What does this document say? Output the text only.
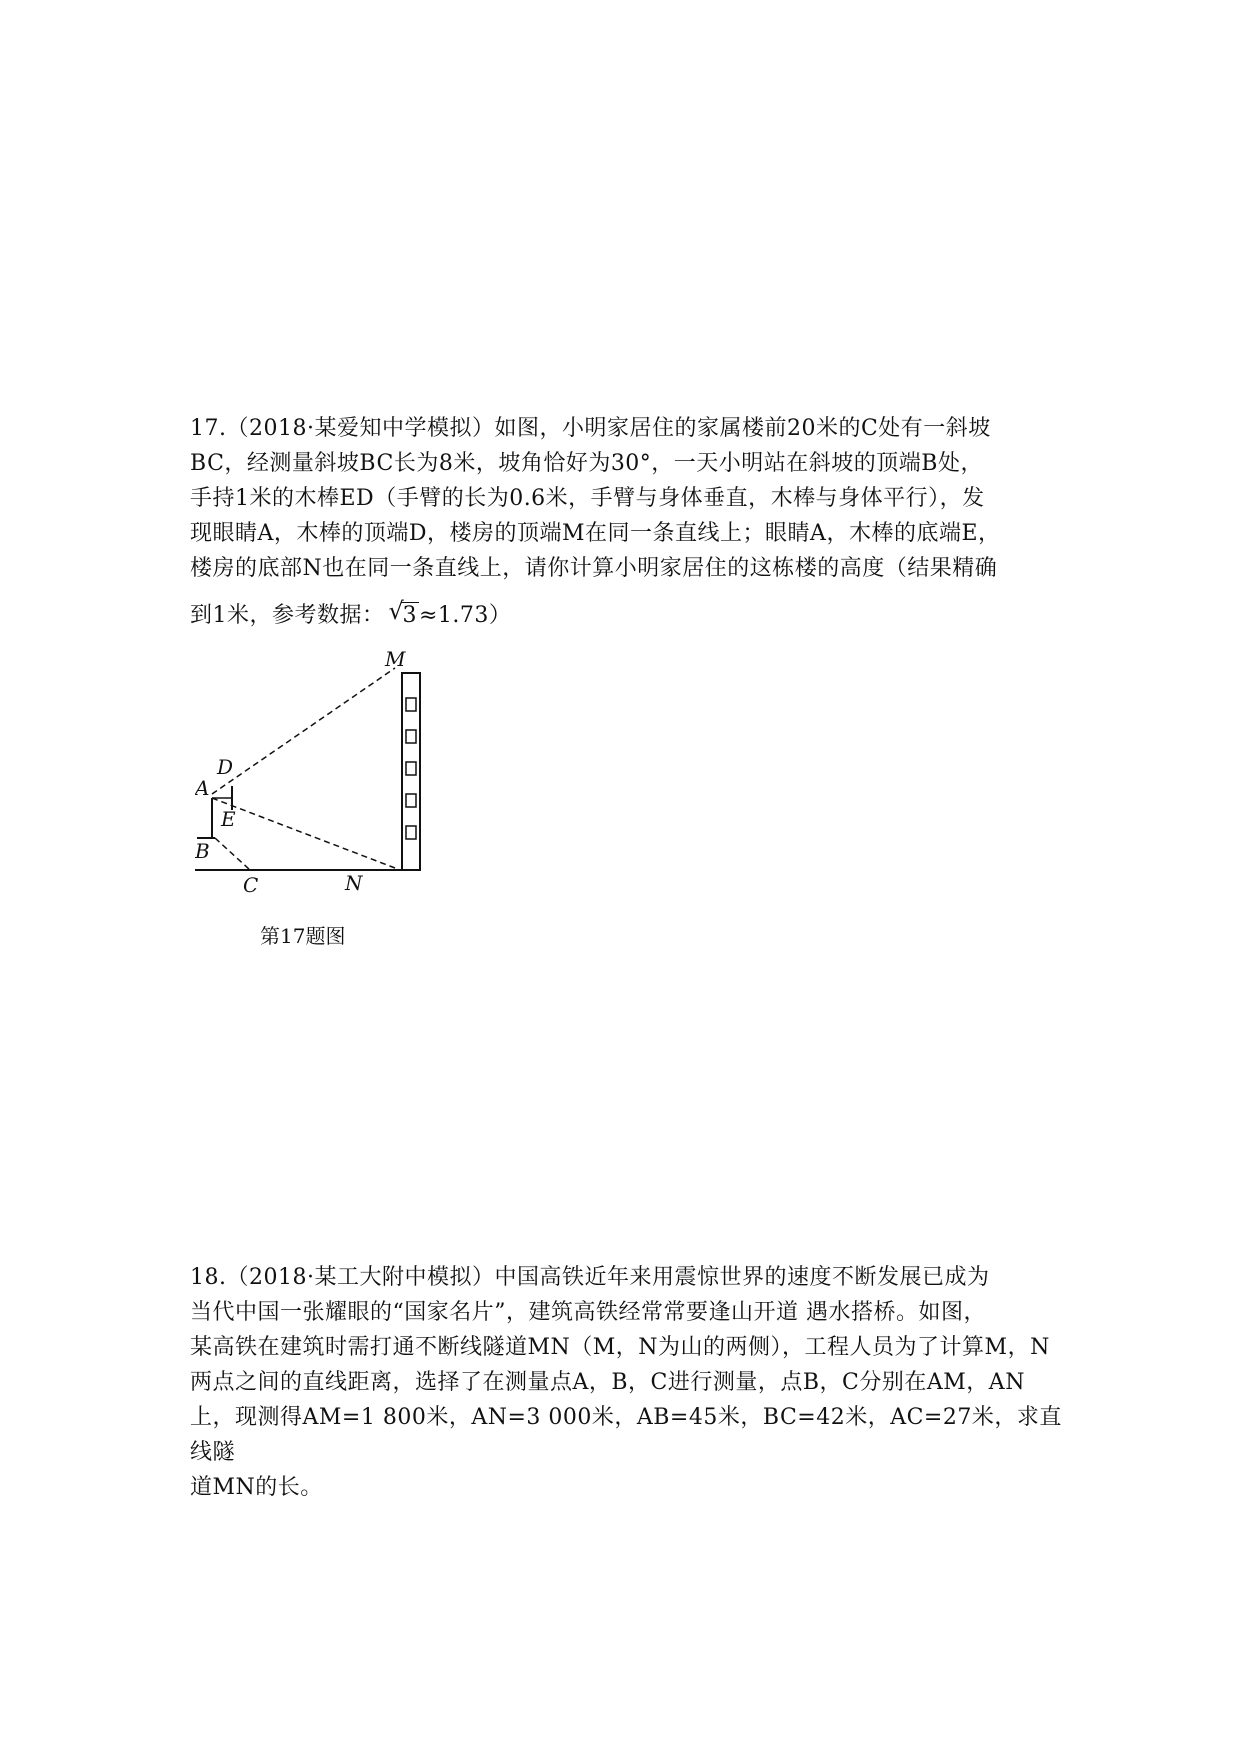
17.（2018·某爱知中学模拟）如图，小明家居住的家属楼前20米的C处有一斜坡

BC，经测量斜坡BC长为8米，坡角恰好为30°，一天小明站在斜坡的顶端B处，

手持1米的木棒ED（手臂的长为0.6米，手臂与身体垂直，木棒与身体平行），发

现眼睛A，木棒的顶端D，楼房的顶端M在同一条直线上；眼睛A，木棒的底端E，

楼房的底部N也在同一条直线上，请你计算小明家居住的这栋楼的高度（结果精确

到1米，参考数据： √
3≈1.73）

M
D
A
E
B
C	N
第17题图

18.（2018·某工大附中模拟）中国高铁近年来用震惊世界的速度不断发展已成为

当代中国一张耀眼的“国家名片”，建筑高铁经常常要逢山开道 遇水搭桥。如图，

某高铁在建筑时需打通不断线隧道MN（M，N为山的两侧），工程人员为了计算M，N

两点之间的直线距离，选择了在测量点A，B，C进行测量，点B，C分别在AM，AN

上，现测得AM=1 800米，AN=3 000米，AB=45米，BC=42米，AC=27米，求直线隧

道MN的长。
